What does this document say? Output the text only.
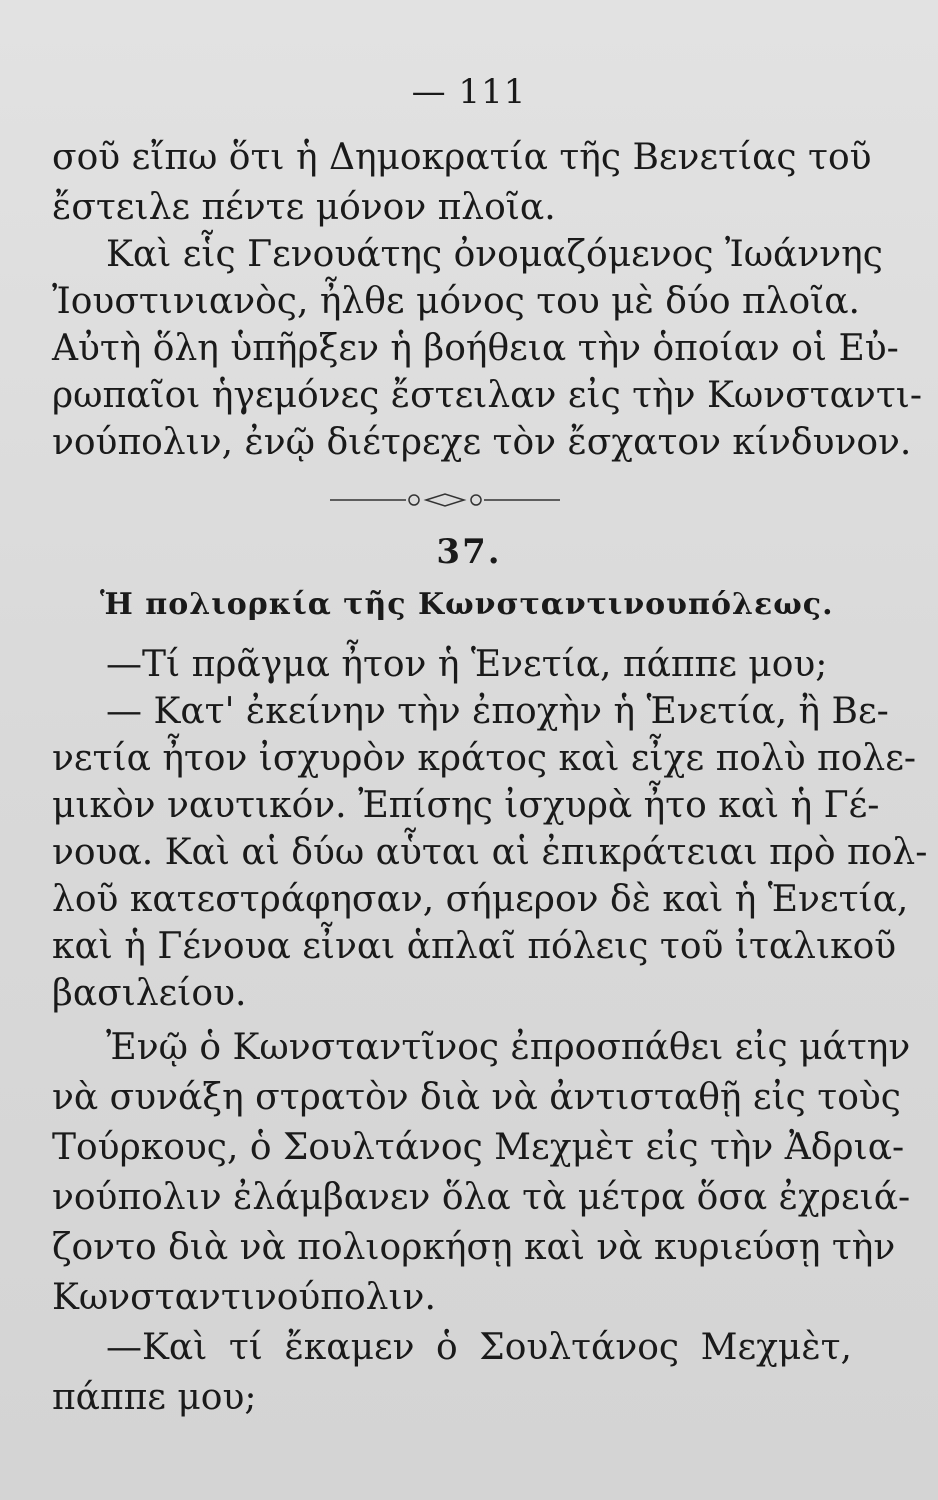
— 111
σοῦ εἴπω ὅτι ἡ Δημοκρατία τῆς Βενετίας τοῦ
ἔστειλε πέντε μόνον πλοῖα.
Καὶ εἷς Γενουάτης ὀνομαζόμενος Ἰωάννης
Ἰουστινιανὸς, ἦλθε μόνος του μὲ δύο πλοῖα.
Αὐτὴ ὅλη ὑπῆρξεν ἡ βοήθεια τὴν ὁποίαν οἱ Εὐ-
ρωπαῖοι ἡγεμόνες ἔστειλαν εἰς τὴν Κωνσταντι-
νούπολιν, ἐνῷ διέτρεχε τὸν ἔσχατον κίνδυνον.
37.
Ἡ πολιορκία τῆς Κωνσταντινουπόλεως.
—Τί πρᾶγμα ἦτον ἡ Ἑνετία, πάππε μου;
— Κατ' ἐκείνην τὴν ἐποχὴν ἡ Ἑνετία, ἢ Βε-
νετία ἦτον ἰσχυρὸν κράτος καὶ εἶχε πολὺ πολε-
μικὸν ναυτικόν. Ἐπίσης ἰσχυρὰ ἦτο καὶ ἡ Γέ-
νουα. Καὶ αἱ δύω αὗται αἱ ἐπικράτειαι πρὸ πολ-
λοῦ κατεστράφησαν, σήμερον δὲ καὶ ἡ Ἑνετία,
καὶ ἡ Γένουα εἶναι ἁπλαῖ πόλεις τοῦ ἰταλικοῦ
βασιλείου.
Ἐνῷ ὁ Κωνσταντῖνος ἐπροσπάθει εἰς μάτην
νὰ συνάξη στρατὸν διὰ νὰ ἀντισταθῇ εἰς τοὺς
Τούρκους, ὁ Σουλτάνος Μεχμὲτ εἰς τὴν Ἀδρια-
νούπολιν ἐλάμβανεν ὅλα τὰ μέτρα ὅσα ἐχρειά-
ζοντο διὰ νὰ πολιορκήσῃ καὶ νὰ κυριεύσῃ τὴν
Κωνσταντινούπολιν.
—Καὶ τί ἔκαμεν ὁ Σουλτάνος Μεχμὲτ,
πάππε μου;
